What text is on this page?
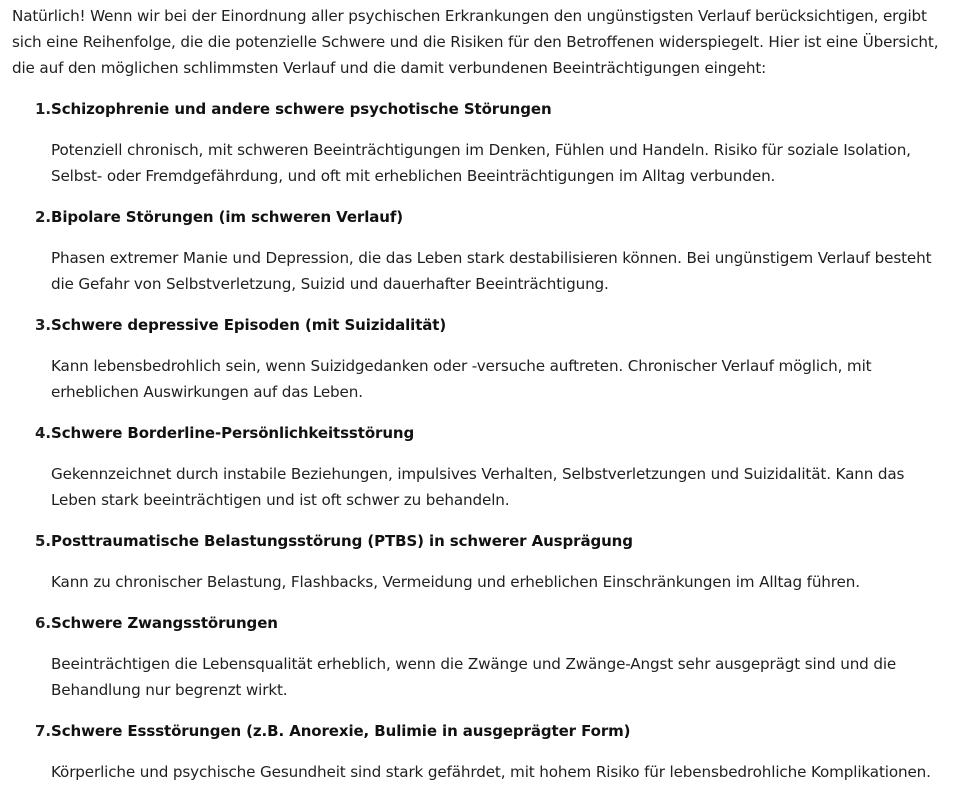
Natürlich! Wenn wir bei der Einordnung aller psychischen Erkrankungen den ungünstigsten Verlauf berücksichtigen, ergibt sich eine Reihenfolge, die die potenzielle Schwere und die Risiken für den Betroffenen widerspiegelt. Hier ist eine Übersicht, die auf den möglichen schlimmsten Verlauf und die damit verbundenen Beeinträchtigungen eingeht:

1. Schizophrenie und andere schwere psychotische Störungen

Potenziell chronisch, mit schweren Beeinträchtigungen im Denken, Fühlen und Handeln. Risiko für soziale Isolation, Selbst- oder Fremdgefährdung, und oft mit erheblichen Beeinträchtigungen im Alltag verbunden.

2. Bipolare Störungen (im schweren Verlauf)

Phasen extremer Manie und Depression, die das Leben stark destabilisieren können. Bei ungünstigem Verlauf besteht die Gefahr von Selbstverletzung, Suizid und dauerhafter Beeinträchtigung.

3. Schwere depressive Episoden (mit Suizidalität)

Kann lebensbedrohlich sein, wenn Suizidgedanken oder -versuche auftreten. Chronischer Verlauf möglich, mit erheblichen Auswirkungen auf das Leben.

4. Schwere Borderline-Persönlichkeitsstörung

Gekennzeichnet durch instabile Beziehungen, impulsives Verhalten, Selbstverletzungen und Suizidalität. Kann das Leben stark beeinträchtigen und ist oft schwer zu behandeln.

5. Posttraumatische Belastungsstörung (PTBS) in schwerer Ausprägung

Kann zu chronischer Belastung, Flashbacks, Vermeidung und erheblichen Einschränkungen im Alltag führen.

6. Schwere Zwangsstörungen

Beeinträchtigen die Lebensqualität erheblich, wenn die Zwänge und Zwänge-Angst sehr ausgeprägt sind und die Behandlung nur begrenzt wirkt.

7. Schwere Essstörungen (z.B. Anorexie, Bulimie in ausgeprägter Form)

Körperliche und psychische Gesundheit sind stark gefährdet, mit hohem Risiko für lebensbedrohliche Komplikationen.
